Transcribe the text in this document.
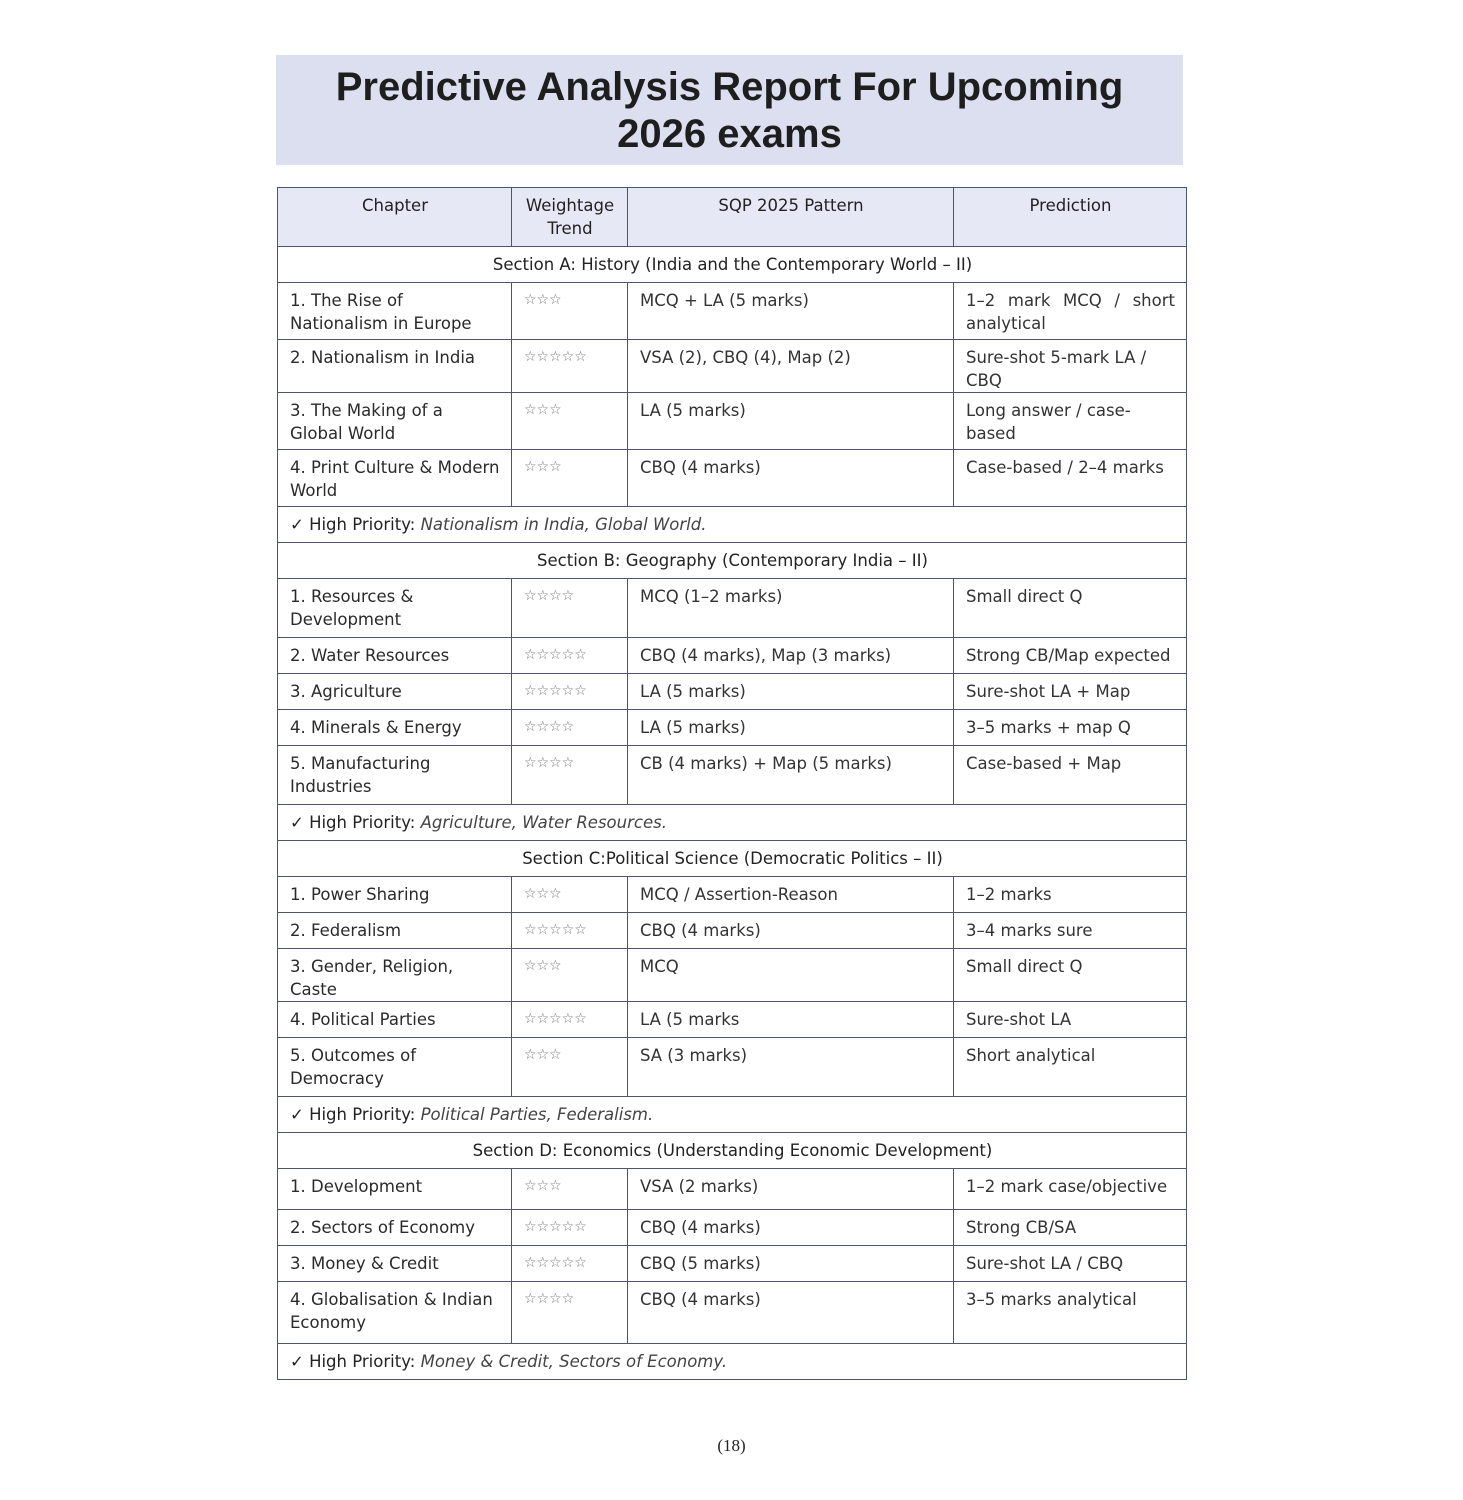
Predictive Analysis Report For Upcoming
2026 exams
Chapter	Weightage Trend	SQP 2025 Pattern	Prediction
Section A: History (India and the Contemporary World – II)			
1. The Rise of Nationalism in Europe	☆☆☆	MCQ + LA (5 marks)	1–2 mark MCQ / short analytical
2. Nationalism in India	☆☆☆☆☆	VSA (2), CBQ (4), Map (2)	Sure-shot 5-mark LA / CBQ
3. The Making of a Global World	☆☆☆	LA (5 marks)	Long answer / case-based
4. Print Culture & Modern World	☆☆☆	CBQ (4 marks)	Case-based / 2–4 marks
✓ High Priority: Nationalism in India, Global World.			
Section B: Geography (Contemporary India – II)			
1. Resources & Development	☆☆☆☆	MCQ (1–2 marks)	Small direct Q
2. Water Resources	☆☆☆☆☆	CBQ (4 marks), Map (3 marks)	Strong CB/Map expected
3. Agriculture	☆☆☆☆☆	LA (5 marks)	Sure-shot LA + Map
4. Minerals & Energy	☆☆☆☆	LA (5 marks)	3–5 marks + map Q
5. Manufacturing Industries	☆☆☆☆	CB (4 marks) + Map (5 marks)	Case-based + Map
✓ High Priority: Agriculture, Water Resources.			
Section C:Political Science (Democratic Politics – II)			
1. Power Sharing	☆☆☆	MCQ / Assertion-Reason	1–2 marks
2. Federalism	☆☆☆☆☆	CBQ (4 marks)	3–4 marks sure
3. Gender, Religion, Caste	☆☆☆	MCQ	Small direct Q
4. Political Parties	☆☆☆☆☆	LA (5 marks	Sure-shot LA
5. Outcomes of Democracy	☆☆☆	SA (3 marks)	Short analytical
✓ High Priority: Political Parties, Federalism.			
Section D: Economics (Understanding Economic Development)			
1. Development	☆☆☆	VSA (2 marks)	1–2 mark case/objective
2. Sectors of Economy	☆☆☆☆☆	CBQ (4 marks)	Strong CB/SA
3. Money & Credit	☆☆☆☆☆	CBQ (5 marks)	Sure-shot LA / CBQ
4. Globalisation & Indian Economy	☆☆☆☆	CBQ (4 marks)	3–5 marks analytical
✓ High Priority: Money & Credit, Sectors of Economy.			
(18)
